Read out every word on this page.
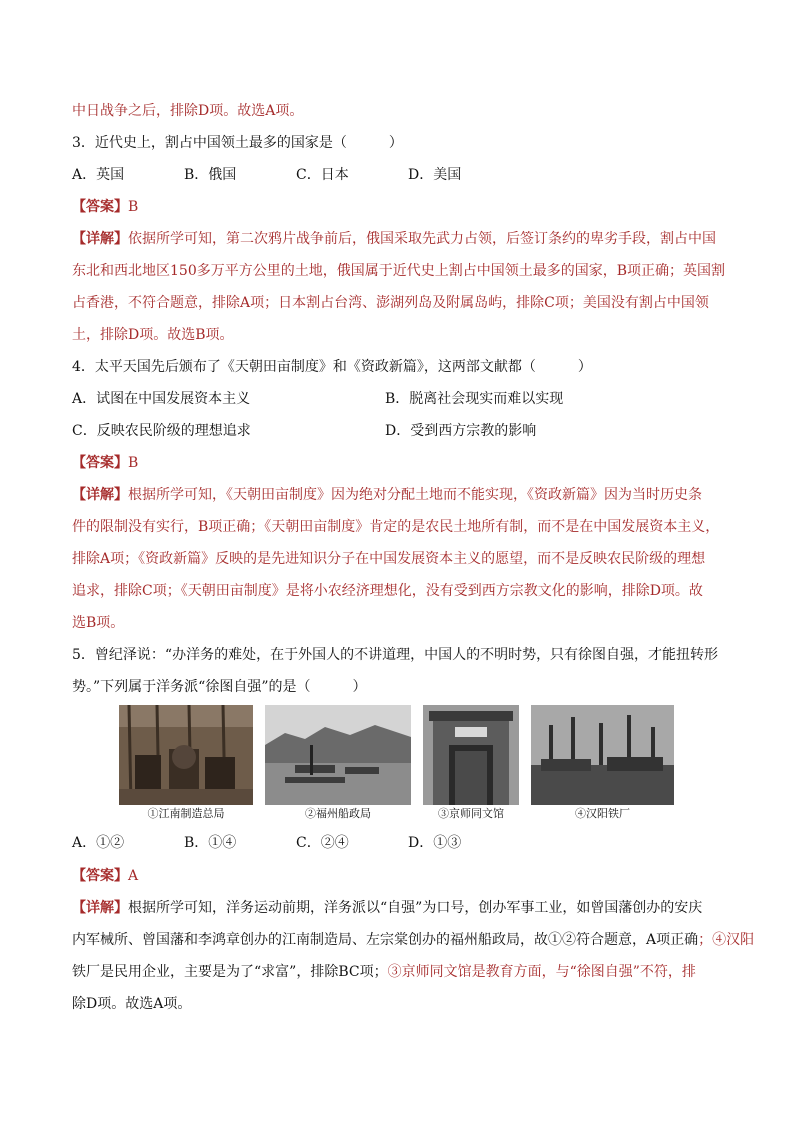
中日战争之后，排除D项。故选A项。
3．近代史上，割占中国领土最多的国家是（　　　）
A．英国	B．俄国	C．日本	D．美国
【答案】B
【详解】依据所学可知，第二次鸦片战争前后，俄国采取先武力占领，后签订条约的卑劣手段，割占中国
东北和西北地区150多万平方公里的土地，俄国属于近代史上割占中国领土最多的国家，B项正确；英国割
占香港，不符合题意，排除A项；日本割占台湾、澎湖列岛及附属岛屿，排除C项；美国没有割占中国领
土，排除D项。故选B项。
4．太平天国先后颁布了《天朝田亩制度》和《资政新篇》，这两部文献都（　　　）
A．试图在中国发展资本主义	B．脱离社会现实而难以实现
C．反映农民阶级的理想追求	D．受到西方宗教的影响
【答案】B
【详解】根据所学可知，《天朝田亩制度》因为绝对分配土地而不能实现，《资政新篇》因为当时历史条
件的限制没有实行，B项正确；《天朝田亩制度》肯定的是农民土地所有制，而不是在中国发展资本主义，
排除A项；《资政新篇》反映的是先进知识分子在中国发展资本主义的愿望，而不是反映农民阶级的理想
追求，排除C项；《天朝田亩制度》是将小农经济理想化，没有受到西方宗教文化的影响，排除D项。故
选B项。
5．曾纪泽说：“办洋务的难处，在于外国人的不讲道理，中国人的不明时势，只有徐图自强，才能扭转形
势。”下列属于洋务派“徐图自强”的是（　　　）
①江南制造总局	②福州船政局	③京师同文馆	④汉阳铁厂
A．①②	B．①④	C．②④	D．①③
【答案】A
【详解】根据所学可知，洋务运动前期，洋务派以“自强”为口号，创办军事工业，如曾国藩创办的安庆
内军械所、曾国藩和李鸿章创办的江南制造局、左宗棠创办的福州船政局，故①②符合题意，A项正确；④汉阳
铁厂是民用企业，主要是为了“求富”，排除BC项；③京师同文馆是教育方面，与“徐图自强”不符，排
除D项。故选A项。
